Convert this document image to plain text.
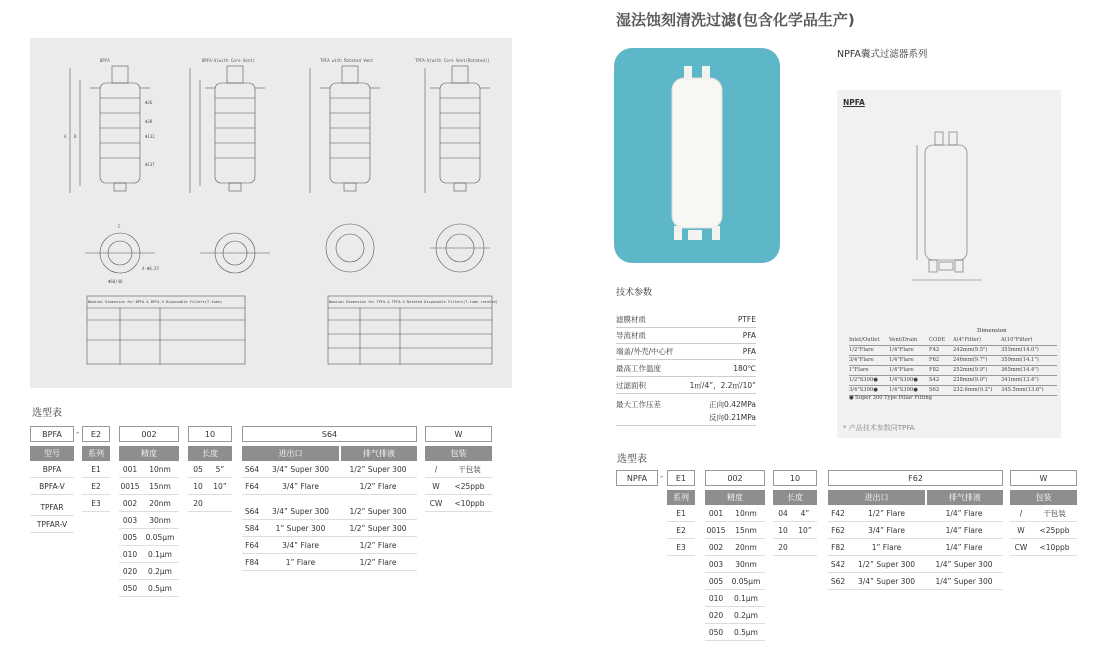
BPFA	BPFA-V(with Core Vent)	TPFA with Rotated Vent	TPFA-V(with Core Vent(Rotated))
Φ26
Φ38
Φ132
Φ137
4-Φ8.25
Φ60/40
C
B
A
Nominal Dimension for BPFA & BPFA-V Disposable Filters(T-tube)	Nominal Dimension for TPFA & TPFA-V Rotated Disposable Filters(T-tube rotated)
选型表
BPFA
型号
BPFA
BPFA-V
TPFAR
TPFAR-V
-	E2
系列
E1
E2
E3
002
精度
001	10nm
0015	15nm
002	20nm
003	30nm
005	0.05μm
010	0.1μm
020	0.2μm
050	0.5μm
10
长度
05	5”
10	10”
20
S64
进出口	排气排液
S64	3/4” Super 300	1/2” Super 300
F64	3/4” Flare	1/2” Flare
S64	3/4” Super 300	1/2” Super 300
S84	1” Super 300	1/2” Super 300
F64	3/4” Flare	1/2” Flare
F84	1” Flare	1/2” Flare
W
包装
/	干包装
W	<25ppb
CW	<10ppb
湿法蚀刻清洗过滤(包含化学品生产)
NPFA囊式过滤器系列
NPFA
Dimension
Inlet/Outlet	Vent/Drain	CODE	A(4"Filter)	A(10"Filter)
1/2"Flare	1/4"Flare	F42	242mm(9.5")	355mm(14.0")
3/4"Flare	1/4"Flare	F62	246mm(9.7")	359mm(14.1")
1"Flare	1/4"Flare	F82	252mm(9.9")	365mm(14.4")
1/2"S300●	1/4"S300●	S42	228mm(9.0")	341mm(13.4")
3/4"S300●	1/4"S300●	S62	232.6mm(9.2")	345.5mm(13.6")
● Super 300 Type Pillar Fitting
* 产品技术参数同TPFA
技术参数
滤膜材质	PTFE
导流材质	PFA
端盖/外壳/中心杆	PFA
最高工作温度	180℃
过滤面积	1㎡/4”，2.2㎡/10”
最大工作压差	正向0.42MPa
反向0.21MPa
选型表
NPFA	-	E1
系列
E1
E2
E3
002
精度
001	10nm
0015	15nm
002	20nm
003	30nm
005	0.05μm
010	0.1μm
020	0.2μm
050	0.5μm
10
长度
04	4”
10	10”
20
F62
进出口	排气排液
F42	1/2” Flare	1/4” Flare
F62	3/4” Flare	1/4” Flare
F82	1” Flare	1/4” Flare
S42	1/2” Super 300	1/4” Super 300
S62	3/4” Super 300	1/4” Super 300
W
包装
/	干包装
W	<25ppb
CW	<10ppb
